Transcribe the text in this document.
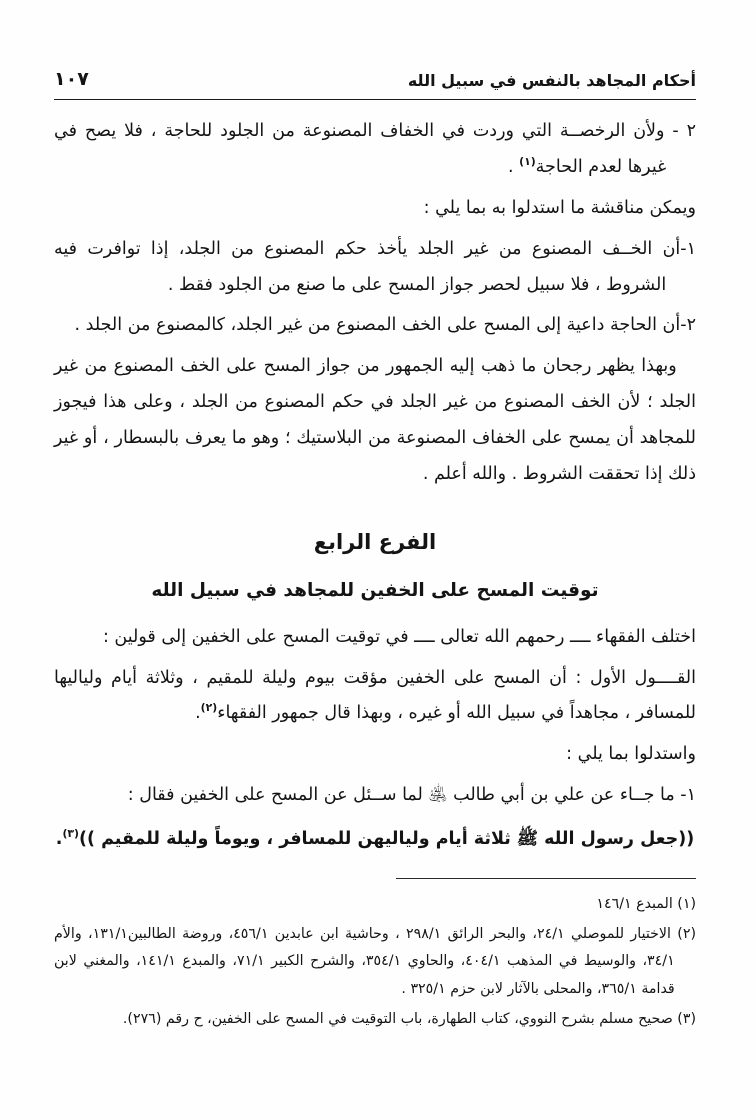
أحكام المجاهد بالنفس في سبيل الله
١٠٧
٢ - ولأن الرخصــة التي وردت في الخفاف المصنوعة من الجلود للحاجة ، فلا يصح في غيرها لعدم الحاجة$^{(١)}$ .
ويمكن مناقشة ما استدلوا به بما يلي :
١-أن الخــف المصنوع من غير الجلد يأخذ حكم المصنوع من الجلد، إذا توافرت فيه الشروط ، فلا سبيل لحصر جواز المسح على ما صنع من الجلود فقط .
٢-أن الحاجة داعية إلى المسح على الخف المصنوع من غير الجلد، كالمصنوع من الجلد .
وبهذا يظهر رجحان ما ذهب إليه الجمهور من جواز المسح على الخف المصنوع من غير الجلد ؛ لأن الخف المصنوع من غير الجلد في حكم المصنوع من الجلد ، وعلى هذا فيجوز للمجاهد أن يمسح على الخفاف المصنوعة من البلاستيك ؛ وهو ما يعرف بالبسطار ، أو غير ذلك إذا تحققت الشروط . والله أعلم .
الفرع الرابع
توقيت المسح على الخفين للمجاهد في سبيل الله
اختلف الفقهاء ــــ رحمهم الله تعالى ــــ في توقيت المسح على الخفين إلى قولين :
القــــول الأول : أن المسح على الخفين مؤقت بيوم وليلة للمقيم ، وثلاثة أيام ولياليها للمسافر ، مجاهداً في سبيل الله أو غيره ، وبهذا قال جمهور الفقهاء$^{(٢)}$.
واستدلوا بما يلي :
١- ما جــاء عن علي بن أبي طالب ﵁ لما ســئل عن المسح على الخفين فقال :
((جعل رسول الله ﷺ ثلاثة أيام ولياليهن للمسافر ، ويوماً وليلة للمقيم ))$^{(٣)}$.
(١) المبدع ١٤٦/١
(٢) الاختيار للموصلي ٢٤/١، والبحر الرائق ٢٩٨/١ ، وحاشية ابن عابدين ٤٥٦/١، وروضة الطالبين١٣١/١، والأم ٣٤/١، والوسيط في المذهب ٤٠٤/١، والحاوي ٣٥٤/١، والشرح الكبير ٧١/١، والمبدع ١٤١/١، والمغني لابن قدامة ٣٦٥/١، والمحلى بالآثار لابن حزم ٣٢٥/١ .
(٣) صحيح مسلم بشرح النووي، كتاب الطهارة، باب التوقيت في المسح على الخفين، ح رقم (٢٧٦).
